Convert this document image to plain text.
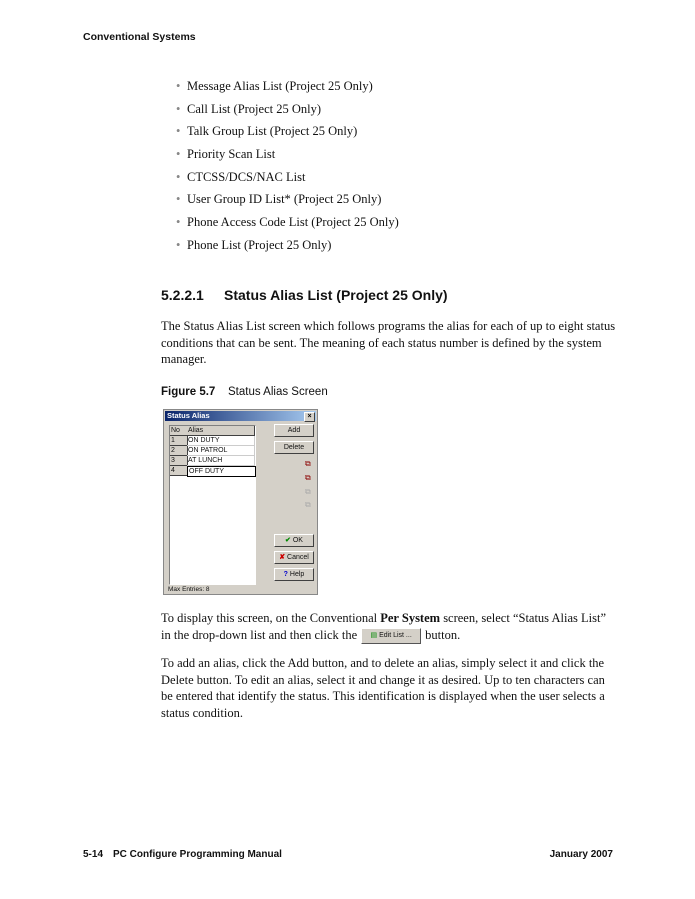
Conventional Systems
• Message Alias List (Project 25 Only)
• Call List (Project 25 Only)
• Talk Group List (Project 25 Only)
• Priority Scan List
• CTCSS/DCS/NAC List
• User Group ID List* (Project 25 Only)
• Phone Access Code List (Project 25 Only)
• Phone List (Project 25 Only)
5.2.2.1 Status Alias List (Project 25 Only)
The Status Alias List screen which follows programs the alias for each of up to eight status conditions that can be sent. The meaning of each status number is defined by the system manager.
Figure 5.7 Status Alias Screen
Status Alias	×
No	Alias
1	ON DUTY
2	ON PATROL
3	AT LUNCH
4	OFF DUTY
Add
Delete
⧉
⧉
⧉
⧉
✔ OK
✘ Cancel
? Help
Max Entries: 8
To display this screen, on the Conventional Per System screen, select “Status Alias List” in the drop-down list and then click the ▤ Edit List ... button.
To add an alias, click the Add button, and to delete an alias, simply select it and click the Delete button. To edit an alias, select it and change it as desired. Up to ten characters can be entered that identify the status. This identification is displayed when the user selects a status condition.
5-14 PC Configure Programming Manual	January 2007
